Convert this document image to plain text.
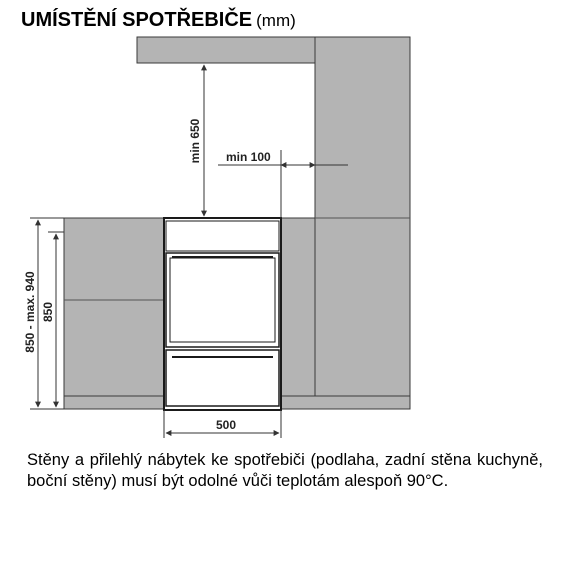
UMÍSTĚNÍ SPOTŘEBIČE (mm)
min 650 min 100
850 - max. 940 850
500

Stěny a přilehlý nábytek ke spotřebiči (podlaha, zadní stěna kuchyně, boční stěny) musí být odolné vůči teplotám alespoň 90°C.
